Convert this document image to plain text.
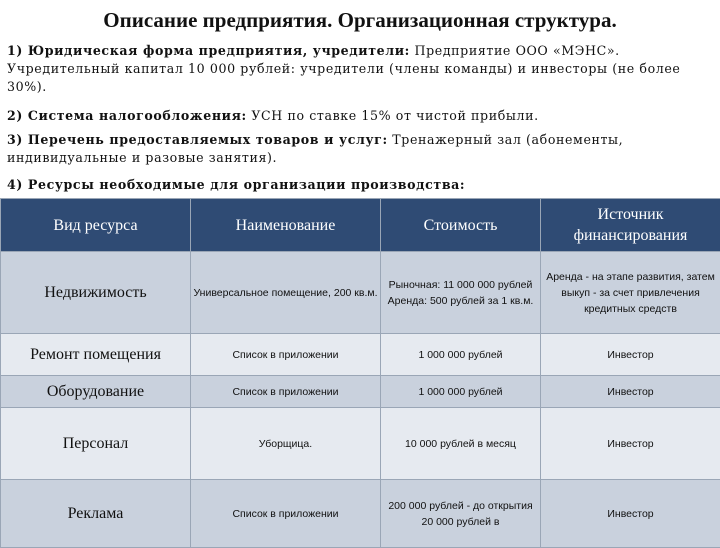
Описание предприятия. Организационная структура.
1) Юридическая форма предприятия, учредители: Предприятие ООО «МЭНС». Учредительный капитал 10 000 рублей: учредители (члены команды) и инвесторы (не более 30%).
2) Система налогообложения: УСН по ставке 15% от чистой прибыли.
3) Перечень предоставляемых товаров и услуг: Тренажерный зал (абонементы, индивидуальные и разовые занятия).
4) Ресурсы необходимые для организации производства:
Вид ресурса	Наименование	Стоимость	Источник финансирования
Недвижимость	Универсальное помещение, 200 кв.м.	Рыночная: 11 000 000 рублей Аренда: 500 рублей за 1 кв.м.	Аренда - на этапе развития, затем выкуп - за счет привлечения кредитных средств
Ремонт помещения	Список в приложении	1 000 000 рублей	Инвестор
Оборудование	Список в приложении	1 000 000 рублей	Инвестор
Персонал	Уборщица.	10 000 рублей в месяц	Инвестор
Реклама	Список в приложении	200 000 рублей - до открытия 20 000 рублей в	Инвестор
